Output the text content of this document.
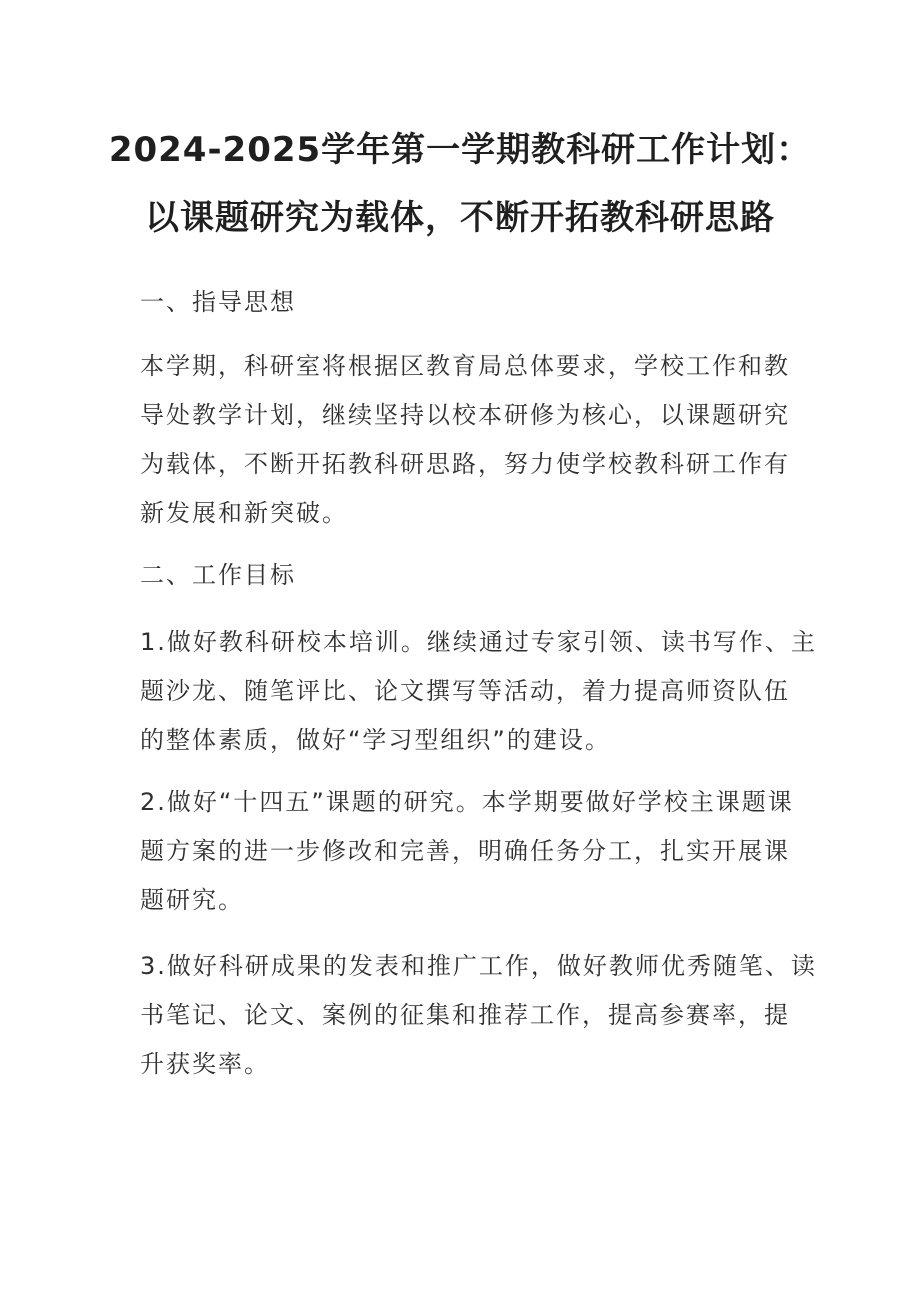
2024-2025学年第一学期教科研工作计划：
以课题研究为载体，不断开拓教科研思路
一、指导思想
本学期，科研室将根据区教育局总体要求，学校工作和教
导处教学计划，继续坚持以校本研修为核心，以课题研究
为载体，不断开拓教科研思路，努力使学校教科研工作有
新发展和新突破。
二、工作目标
1.做好教科研校本培训。继续通过专家引领、读书写作、主
题沙龙、随笔评比、论文撰写等活动，着力提高师资队伍
的整体素质，做好“学习型组织”的建设。
2.做好“十四五”课题的研究。本学期要做好学校主课题课
题方案的进一步修改和完善，明确任务分工，扎实开展课
题研究。
3.做好科研成果的发表和推广工作，做好教师优秀随笔、读
书笔记、论文、案例的征集和推荐工作，提高参赛率，提
升获奖率。
